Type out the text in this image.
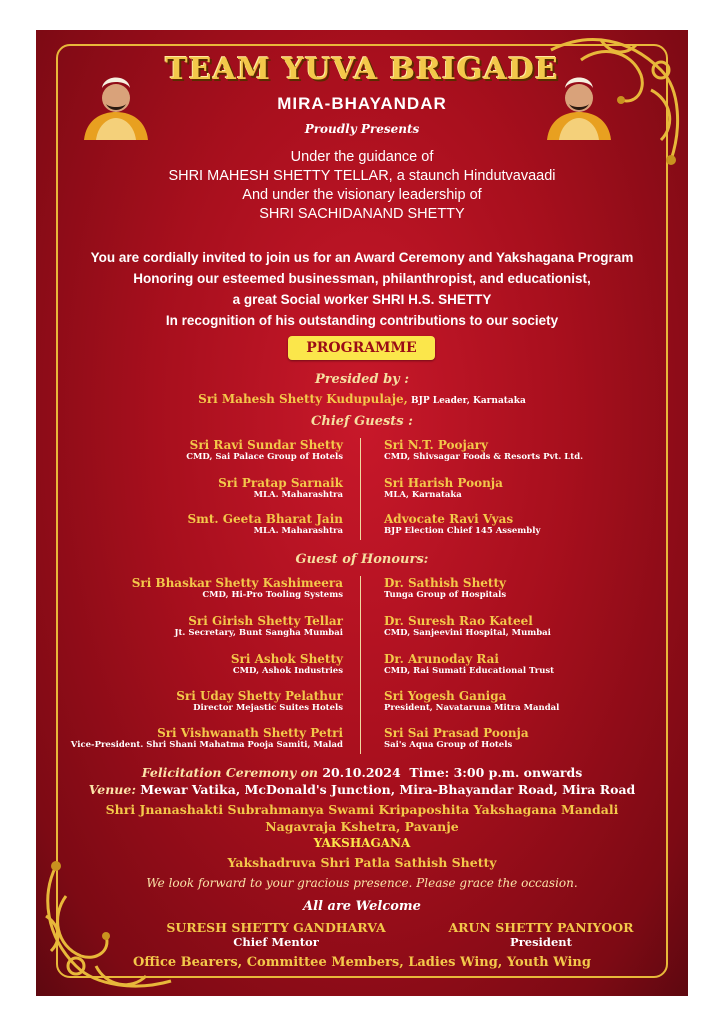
TEAM YUVA BRIGADE
MIRA-BHAYANDAR
Proudly Presents
Under the guidance of
SHRI MAHESH SHETTY TELLAR, a staunch Hindutvavaadi
And under the visionary leadership of
SHRI SACHIDANAND SHETTY
You are cordially invited to join us for an Award Ceremony and Yakshagana Program
Honoring our esteemed businessman, philanthropist, and educationist,
a great Social worker SHRI H.S. SHETTY
In recognition of his outstanding contributions to our society
PROGRAMME
Presided by :
Sri Mahesh Shetty Kudupulaje, BJP Leader, Karnataka
Chief Guests :
Sri Ravi Sundar Shetty
CMD, Sai Palace Group of Hotels
Sri Pratap Sarnaik
MLA. Maharashtra
Smt. Geeta Bharat Jain
MLA. Maharashtra
Sri N.T. Poojary
CMD, Shivsagar Foods & Resorts Pvt. Ltd.
Sri Harish Poonja
MLA, Karnataka
Advocate Ravi Vyas
BJP Election Chief 145 Assembly
Guest of Honours:
Sri Bhaskar Shetty Kashimeera
CMD, Hi-Pro Tooling Systems
Sri Girish Shetty Tellar
Jt. Secretary, Bunt Sangha Mumbai
Sri Ashok Shetty
CMD, Ashok Industries
Sri Uday Shetty Pelathur
Director Mejastic Suites Hotels
Sri Vishwanath Shetty Petri
Vice-President. Shri Shani Mahatma Pooja Samiti, Malad
Dr. Sathish Shetty
Tunga Group of Hospitals
Dr. Suresh Rao Kateel
CMD, Sanjeevini Hospital, Mumbai
Dr. Arunoday Rai
CMD, Rai Sumati Educational Trust
Sri Yogesh Ganiga
President, Navataruna Mitra Mandal
Sri Sai Prasad Poonja
Sai's Aqua Group of Hotels
Felicitation Ceremony on 20.10.2024 Time: 3:00 p.m. onwards
Venue: Mewar Vatika, McDonald's Junction, Mira-Bhayandar Road, Mira Road
Shri Jnanashakti Subrahmanya Swami Kripaposhita Yakshagana Mandali
Nagavraja Kshetra, Pavanje
YAKSHAGANA
Yakshadruva Shri Patla Sathish Shetty
We look forward to your gracious presence. Please grace the occasion.
All are Welcome
SURESH SHETTY GANDHARVA
Chief Mentor
ARUN SHETTY PANIYOOR
President
Office Bearers, Committee Members, Ladies Wing, Youth Wing
